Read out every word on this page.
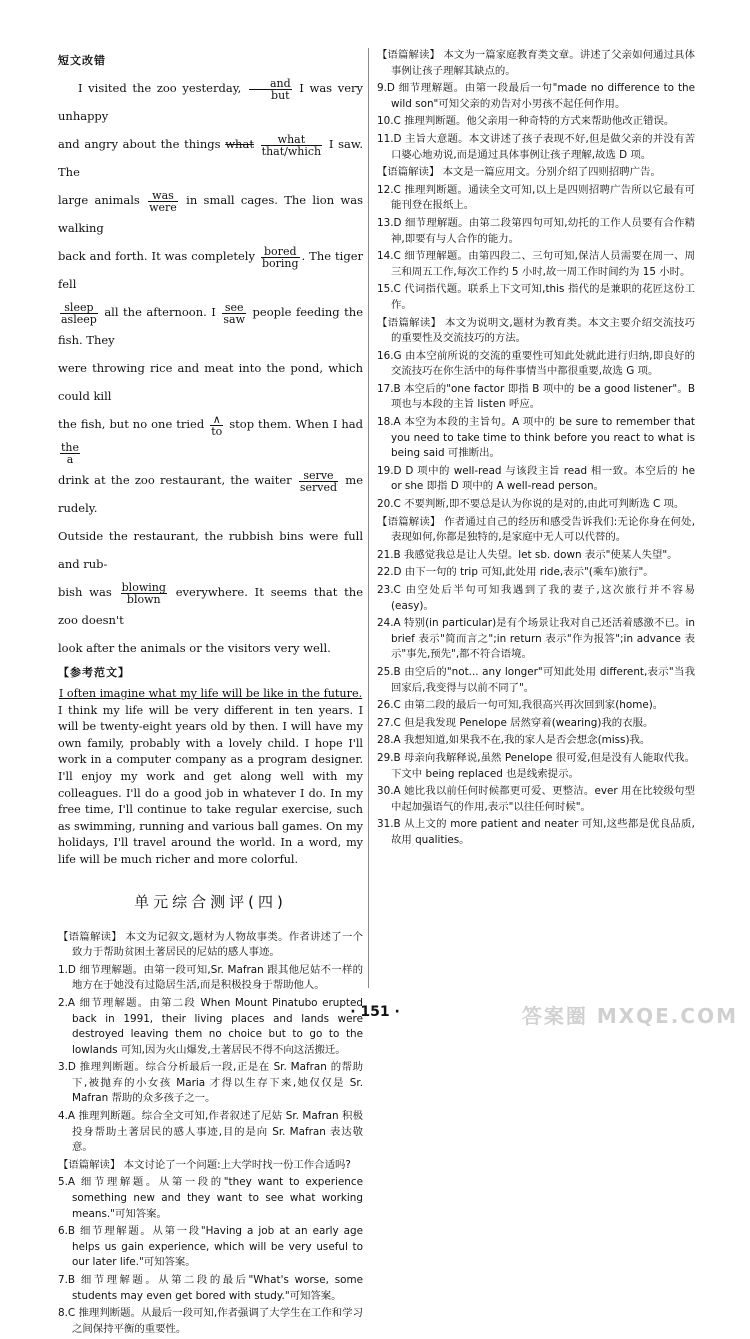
短文改错

I visited the zoo yesterday, $\frac{\text{and}}{\text{but}}$ I was very unhappy

and angry about the things what $\frac{\text{what}}{\text{that/which}}$ I saw. The

large animals $\frac{\text{was}}{\text{were}}$ in small cages. The lion was walking

back and forth. It was completely $\frac{\text{bored}}{\text{boring}}$ . The tiger fell

$\frac{\text{sleep}}{\text{asleep}}$ all the afternoon. I $\frac{\text{see}}{\text{saw}}$ people feeding the fish. They

were throwing rice and meat into the pond, which could kill

the fish, but no one tried $\frac{\wedge}{to}$ stop them. When I had
$\frac{\text{the}}{a}$

drink at the zoo restaurant, the waiter $\frac{\text{serve}}{\text{served}}$ me rudely.

Outside the restaurant, the rubbish bins were full and rub-

bish was $\frac{\text{blowing}}{\text{blown}}$ everywhere. It seems that the zoo doesn't

look after the animals or the visitors very well.

【参考范文】

I often imagine what my life will be like in the future.

I think my life will be very different in ten years. I will be twenty-eight years old by then. I will have my own family, probably with a lovely child. I hope I'll work in a computer company as a program designer. I'll enjoy my work and get along well with my colleagues. I'll do a good job in whatever I do. In my free time, I'll continue to take regular exercise, such as swimming, running and various ball games. On my holidays, I'll travel around the world. In a word, my life will be much richer and more colorful.

单元综合测评(四)

【语篇解读】 本文为记叙文,题材为人物故事类。作者讲述了一个致力于帮助贫困土著居民的尼姑的感人事迹。

1.D 细节理解题。由第一段可知,Sr. Mafran 跟其他尼姑不一样的地方在于她没有过隐居生活,而是积极投身于帮助他人。

2.A 细节理解题。由第二段 When Mount Pinatubo erupted back in 1991, their living places and lands were destroyed leaving them no choice but to go to the lowlands 可知,因为火山爆发,土著居民不得不向这活搬迁。

3.D 推理判断题。综合分析最后一段,正是在 Sr. Mafran 的帮助下,被抛弃的小女孩 Maria 才得以生存下来,她仅仅是 Sr. Mafran 帮助的众多孩子之一。

4.A 推理判断题。综合全文可知,作者叙述了尼姑 Sr. Mafran 积极投身帮助土著居民的感人事迹,目的是向 Sr. Mafran 表达敬意。

【语篇解读】 本文讨论了一个问题:上大学时找一份工作合适吗?

5.A 细节理解题。从第一段的"they want to experience something new and they want to see what working means."可知答案。

6.B 细节理解题。从第一段"Having a job at an early age helps us gain experience, which will be very useful to our later life."可知答案。

7.B 细节理解题。从第二段的最后"What's worse, some students may even get bored with study."可知答案。

8.C 推理判断题。从最后一段可知,作者强调了大学生在工作和学习之间保持平衡的重要性。

【语篇解读】 本文为一篇家庭教育类文章。讲述了父亲如何通过具体事例让孩子理解其缺点的。

9.D 细节理解题。由第一段最后一句"made no difference to the wild son"可知父亲的劝告对小男孩不起任何作用。

10.C 推理判断题。他父亲用一种奇特的方式来帮助他改正错误。

11.D 主旨大意题。本文讲述了孩子表现不好,但是做父亲的并没有苦口婆心地劝说,而是通过具体事例让孩子理解,故选 D 项。

【语篇解读】 本文是一篇应用文。分别介绍了四则招聘广告。

12.C 推理判断题。通读全文可知,以上是四则招聘广告所以它最有可能刊登在报纸上。

13.D 细节理解题。由第二段第四句可知,幼托的工作人员要有合作精神,即要有与人合作的能力。

14.C 细节理解题。由第四段二、三句可知,保洁人员需要在周一、周三和周五工作,每次工作约 5 小时,故一周工作时间约为 15 小时。

15.C 代词指代题。联系上下文可知,this 指代的是兼职的花匠这份工作。

【语篇解读】 本文为说明文,题材为教育类。本文主要介绍交流技巧的重要性及交流技巧的方法。

16.G 由本空前所说的交流的重要性可知此处就此进行归纳,即良好的交流技巧在你生活中的每件事情当中都很重要,故选 G 项。

17.B 本空后的"one factor 即指 B 项中的 be a good listener"。B 项也与本段的主旨 listen 呼应。

18.A 本空为本段的主旨句。A 项中的 be sure to remember that you need to take time to think before you react to what is being said 可推断出。

19.D D 项中的 well-read 与该段主旨 read 相一致。本空后的 he or she 即指 D 项中的 A well-read person。

20.C 不要判断,即不要总是认为你说的是对的,由此可判断选 C 项。

【语篇解读】 作者通过自己的经历和感受告诉我们:无论你身在何处,表现如何,你都是独特的,是家庭中无人可以代替的。

21.B 我感觉我总是让人失望。let sb. down 表示"使某人失望"。

22.D 由下一句的 trip 可知,此处用 ride,表示"(乘车)旅行"。

23.C 由空处后半句可知我遇到了我的妻子,这次旅行并不容易(easy)。

24.A 特别(in particular)是有个场景让我对自己还活着感激不已。in brief 表示"简而言之";in return 表示"作为报答";in advance 表示"事先,预先",都不符合语境。

25.B 由空后的"not... any longer"可知此处用 different,表示"当我回家后,我变得与以前不同了"。

26.C 由第二段的最后一句可知,我很高兴再次回到家(home)。

27.C 但是我发现 Penelope 居然穿着(wearing)我的衣服。

28.A 我想知道,如果我不在,我的家人是否会想念(miss)我。

29.B 母亲向我解释说,虽然 Penelope 很可爱,但是没有人能取代我。下文中 being replaced 也是线索提示。

30.A 她比我以前任何时候都更可爱、更整洁。ever 用在比较级句型中起加强语气的作用,表示"以往任何时候"。

31.B 从上文的 more patient and neater 可知,这些都是优良品质,故用 qualities。

· 151 ·	答案圈 MXQE.COM
